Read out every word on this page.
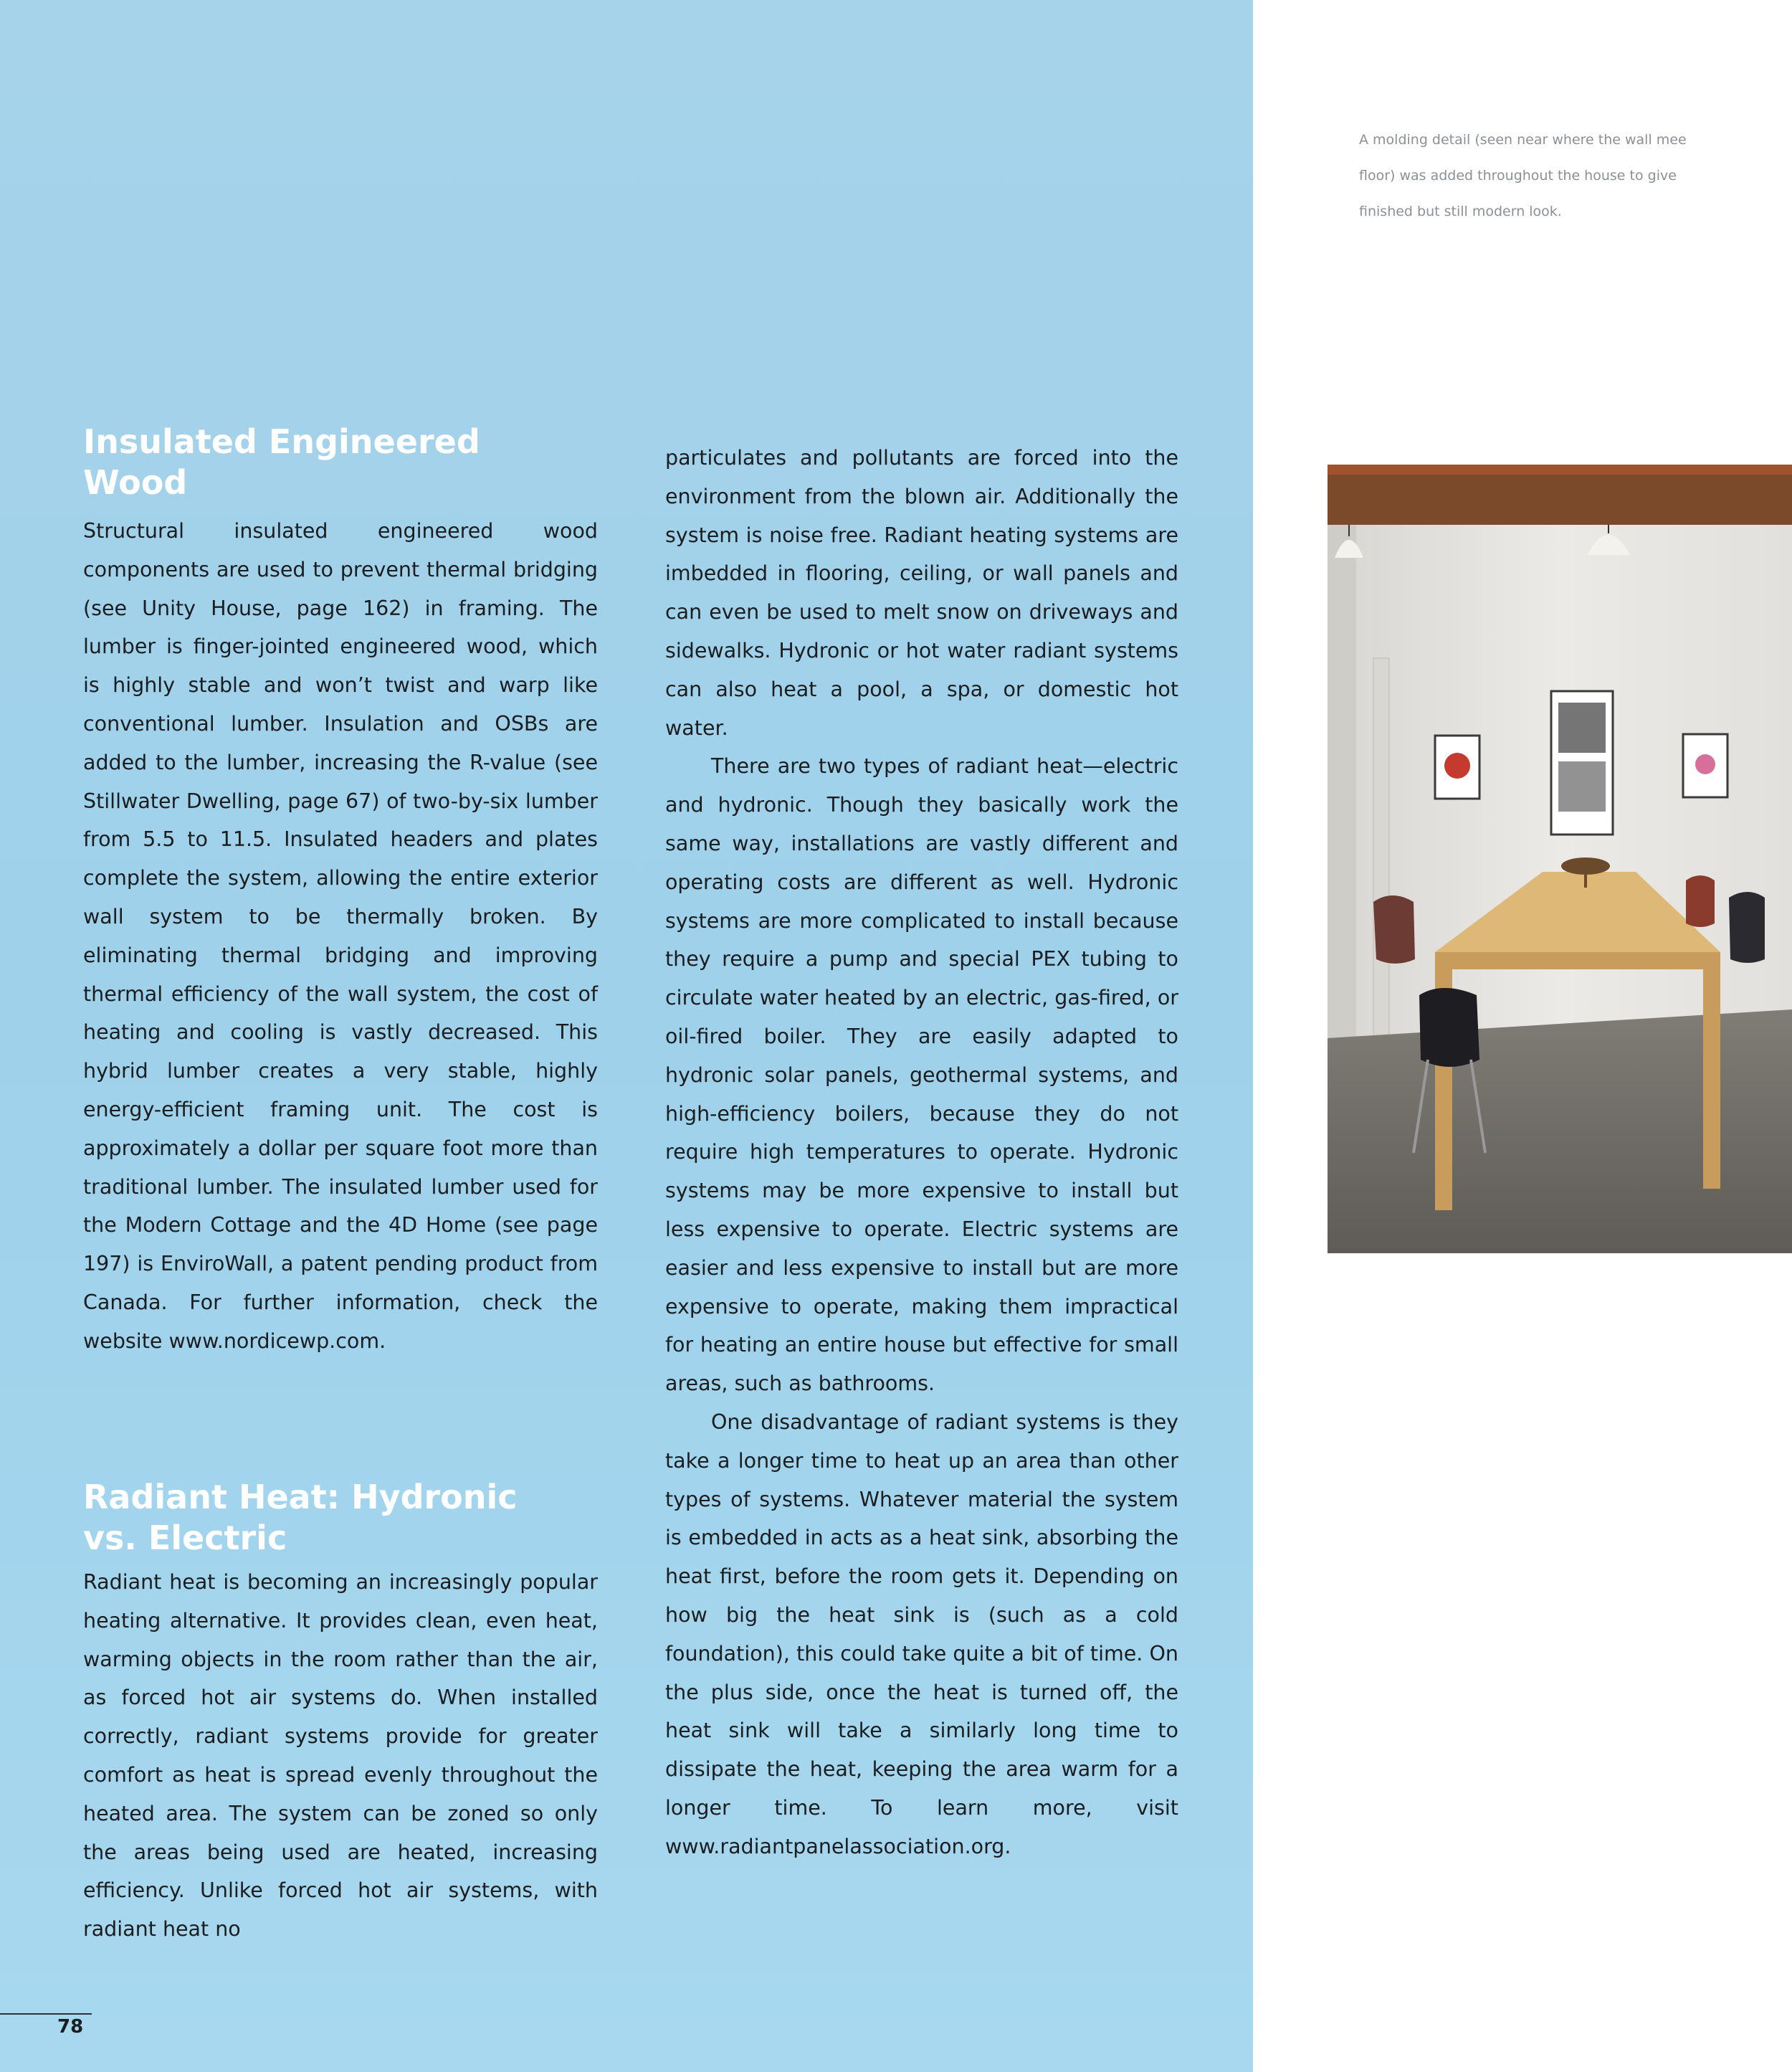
Insulated Engineered
Wood

Structural insulated engineered wood components are used to prevent thermal bridging (see Unity House, page 162) in framing. The lumber is finger-jointed engineered wood, which is highly stable and won’t twist and warp like conventional lumber. Insulation and OSBs are added to the lumber, increasing the R-value (see Stillwater Dwelling, page 67) of two-by-six lumber from 5.5 to 11.5. Insulated headers and plates complete the system, allowing the entire exterior wall system to be thermally broken. By eliminating thermal bridging and improving thermal efficiency of the wall system, the cost of heating and cooling is vastly decreased. This hybrid lumber creates a very stable, highly energy-efficient framing unit. The cost is approximately a dollar per square foot more than traditional lumber. The insulated lumber used for the Modern Cottage and the 4D Home (see page 197) is EnviroWall, a patent pending product from Canada. For further information, check the website www.nordicewp.com.

Radiant Heat: Hydronic
vs. Electric

Radiant heat is becoming an increasingly popular heating alternative. It provides clean, even heat, warming objects in the room rather than the air, as forced hot air systems do. When installed correctly, radiant systems provide for greater comfort as heat is spread evenly throughout the heated area. The system can be zoned so only the areas being used are heated, increasing efficiency. Unlike forced hot air systems, with radiant heat no

particulates and pollutants are forced into the environment from the blown air. Additionally the system is noise free. Radiant heating systems are imbedded in flooring, ceiling, or wall panels and can even be used to melt snow on driveways and sidewalks. Hydronic or hot water radiant systems can also heat a pool, a spa, or domestic hot water.

There are two types of radiant heat—electric and hydronic. Though they basically work the same way, installations are vastly different and operating costs are different as well. Hydronic systems are more complicated to install because they require a pump and special PEX tubing to circulate water heated by an electric, gas-fired, or oil-fired boiler. They are easily adapted to hydronic solar panels, geothermal systems, and high-efficiency boilers, because they do not require high temperatures to operate. Hydronic systems may be more expensive to install but less expensive to operate. Electric systems are easier and less expensive to install but are more expensive to operate, making them impractical for heating an entire house but effective for small areas, such as bathrooms.

One disadvantage of radiant systems is they take a longer time to heat up an area than other types of systems. Whatever material the system is embedded in acts as a heat sink, absorbing the heat first, before the room gets it. Depending on how big the heat sink is (such as a cold foundation), this could take quite a bit of time. On the plus side, once the heat is turned off, the heat sink will take a similarly long time to dissipate the heat, keeping the area warm for a longer time. To learn more, visit www.radiantpanelassociation.org.

A molding detail (seen near where the wall mee
floor) was added throughout the house to give
finished but still modern look.
78
